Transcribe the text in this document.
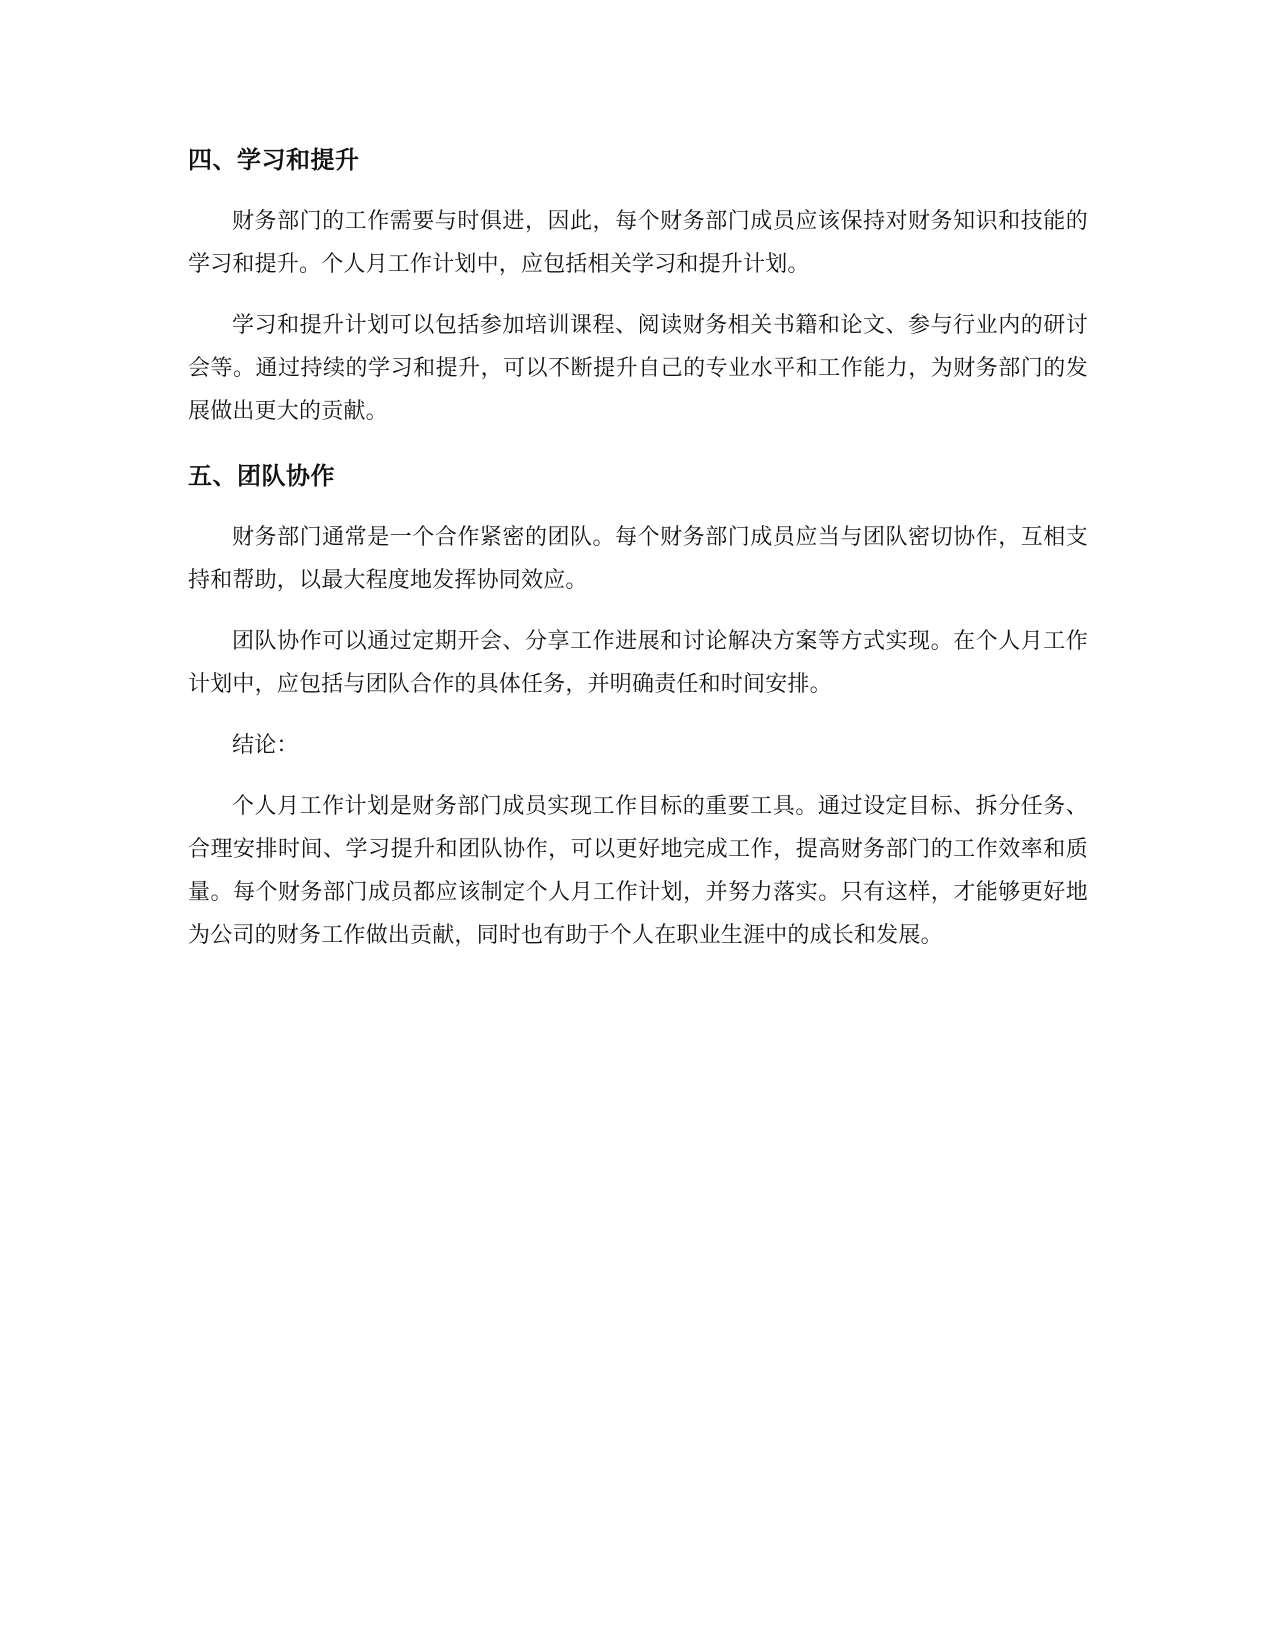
四、学习和提升

财务部门的工作需要与时俱进，因此，每个财务部门成员应该保持对财务知识和技能的学习和提升。个人月工作计划中，应包括相关学习和提升计划。

学习和提升计划可以包括参加培训课程、阅读财务相关书籍和论文、参与行业内的研讨会等。通过持续的学习和提升，可以不断提升自己的专业水平和工作能力，为财务部门的发展做出更大的贡献。

五、团队协作

财务部门通常是一个合作紧密的团队。每个财务部门成员应当与团队密切协作，互相支持和帮助，以最大程度地发挥协同效应。

团队协作可以通过定期开会、分享工作进展和讨论解决方案等方式实现。在个人月工作计划中，应包括与团队合作的具体任务，并明确责任和时间安排。

结论：

个人月工作计划是财务部门成员实现工作目标的重要工具。通过设定目标、拆分任务、合理安排时间、学习提升和团队协作，可以更好地完成工作，提高财务部门的工作效率和质量。每个财务部门成员都应该制定个人月工作计划，并努力落实。只有这样，才能够更好地为公司的财务工作做出贡献，同时也有助于个人在职业生涯中的成长和发展。
